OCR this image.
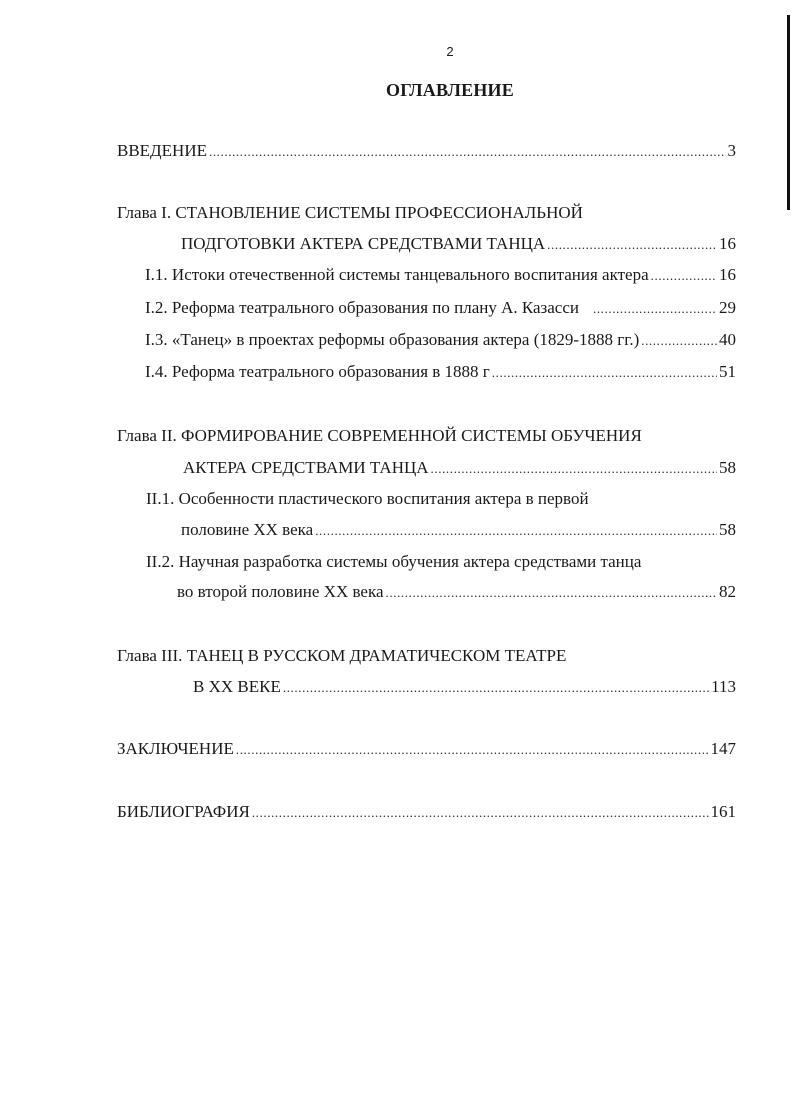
2
ОГЛАВЛЕНИЕ
ВВЕДЕНИЕ .....	3
Глава I. СТАНОВЛЕНИЕ СИСТЕМЫ ПРОФЕССИОНАЛЬНОЙ
ПОДГОТОВКИ АКТЕРА СРЕДСТВАМИ ТАНЦА .....	16
I.1. Истоки отечественной системы танцевального воспитания актера .....	16
I.2. Реформа театрального образования по плану А. Казасси .....	29
I.3. «Танец» в проектах реформы образования актера (1829-1888 гг.) .....	40
I.4. Реформа театрального образования в 1888 г .....	51
Глава II. ФОРМИРОВАНИЕ СОВРЕМЕННОЙ СИСТЕМЫ ОБУЧЕНИЯ
АКТЕРА СРЕДСТВАМИ ТАНЦА .....	58
II.1. Особенности пластического воспитания актера в первой
половине XX века .....	58
II.2. Научная разработка системы обучения актера средствами танца
во второй половине XX века .....	82
Глава III. ТАНЕЦ В РУССКОМ ДРАМАТИЧЕСКОМ ТЕАТРЕ
В XX ВЕКЕ .....	113
ЗАКЛЮЧЕНИЕ .....	147
БИБЛИОГРАФИЯ .....	161
